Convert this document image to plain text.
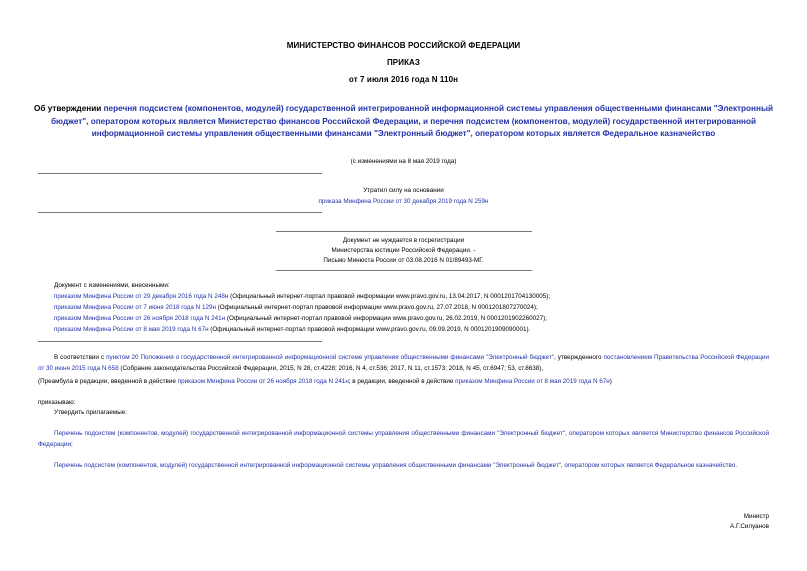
МИНИСТЕРСТВО ФИНАНСОВ РОССИЙСКОЙ ФЕДЕРАЦИИ
ПРИКАЗ
от 7 июля 2016 года N 110н
Об утверждении перечня подсистем (компонентов, модулей) государственной интегрированной информационной системы управления общественными финансами "Электронный бюджет", оператором которых является Министерство финансов Российской Федерации, и перечня подсистем (компонентов, модулей) государственной интегрированной информационной системы управления общественными финансами "Электронный бюджет", оператором которых является Федеральное казначейство
(с изменениями на 8 мая 2019 года)
Утратил силу на основании
приказа Минфина России от 30 декабря 2019 года N 259н
Документ не нуждается в госрегистрации
Министерства юстиции Российской Федерации. -
Письмо Минюста России от 03.08.2016 N 01/89493-МГ.
Документ с изменениями, внесенными:
приказом Минфина России от 29 декабря 2016 года N 248н (Официальный интернет-портал правовой информации www.pravo.gov.ru, 13.04.2017, N 0001201704130005);
приказом Минфина России от 7 июня 2018 года N 129н (Официальный интернет-портал правовой информации www.pravo.gov.ru, 27.07.2018, N 0001201807270024);
приказом Минфина России от 26 ноября 2018 года N 241н (Официальный интернет-портал правовой информации www.pravo.gov.ru, 26.02.2019, N 0001201902260027);
приказом Минфина России от 8 мая 2019 года N 67н (Официальный интернет-портал правовой информации www.pravo.gov.ru, 09.09.2019, N 0001201909090001).
В соответствии с пунктом 20 Положения о государственной интегрированной информационной системе управления общественными финансами "Электронный бюджет", утвержденного постановлением Правительства Российской Федерации от 30 июня 2015 года N 658 (Собрание законодательства Российской Федерации, 2015, N 28, ст.4228; 2016, N 4, ст.536; 2017, N 11, ст.1573; 2018, N 45, ст.6947; 53, ст.8638),
(Преамбула в редакции, введенной в действие приказом Минфина России от 26 ноября 2018 года N 241н; в редакции, введенной в действие приказом Минфина России от 8 мая 2019 года N 67н)
приказываю:
Утвердить прилагаемые:
Перечень подсистем (компонентов, модулей) государственной интегрированной информационной системы управления общественными финансами "Электронный бюджет", оператором которых является Министерство финансов Российской Федерации;
Перечень подсистем (компонентов, модулей) государственной интегрированной информационной системы управления общественными финансами "Электронный бюджет", оператором которых является Федеральное казначейство.
Министр
А.Г.Силуанов
